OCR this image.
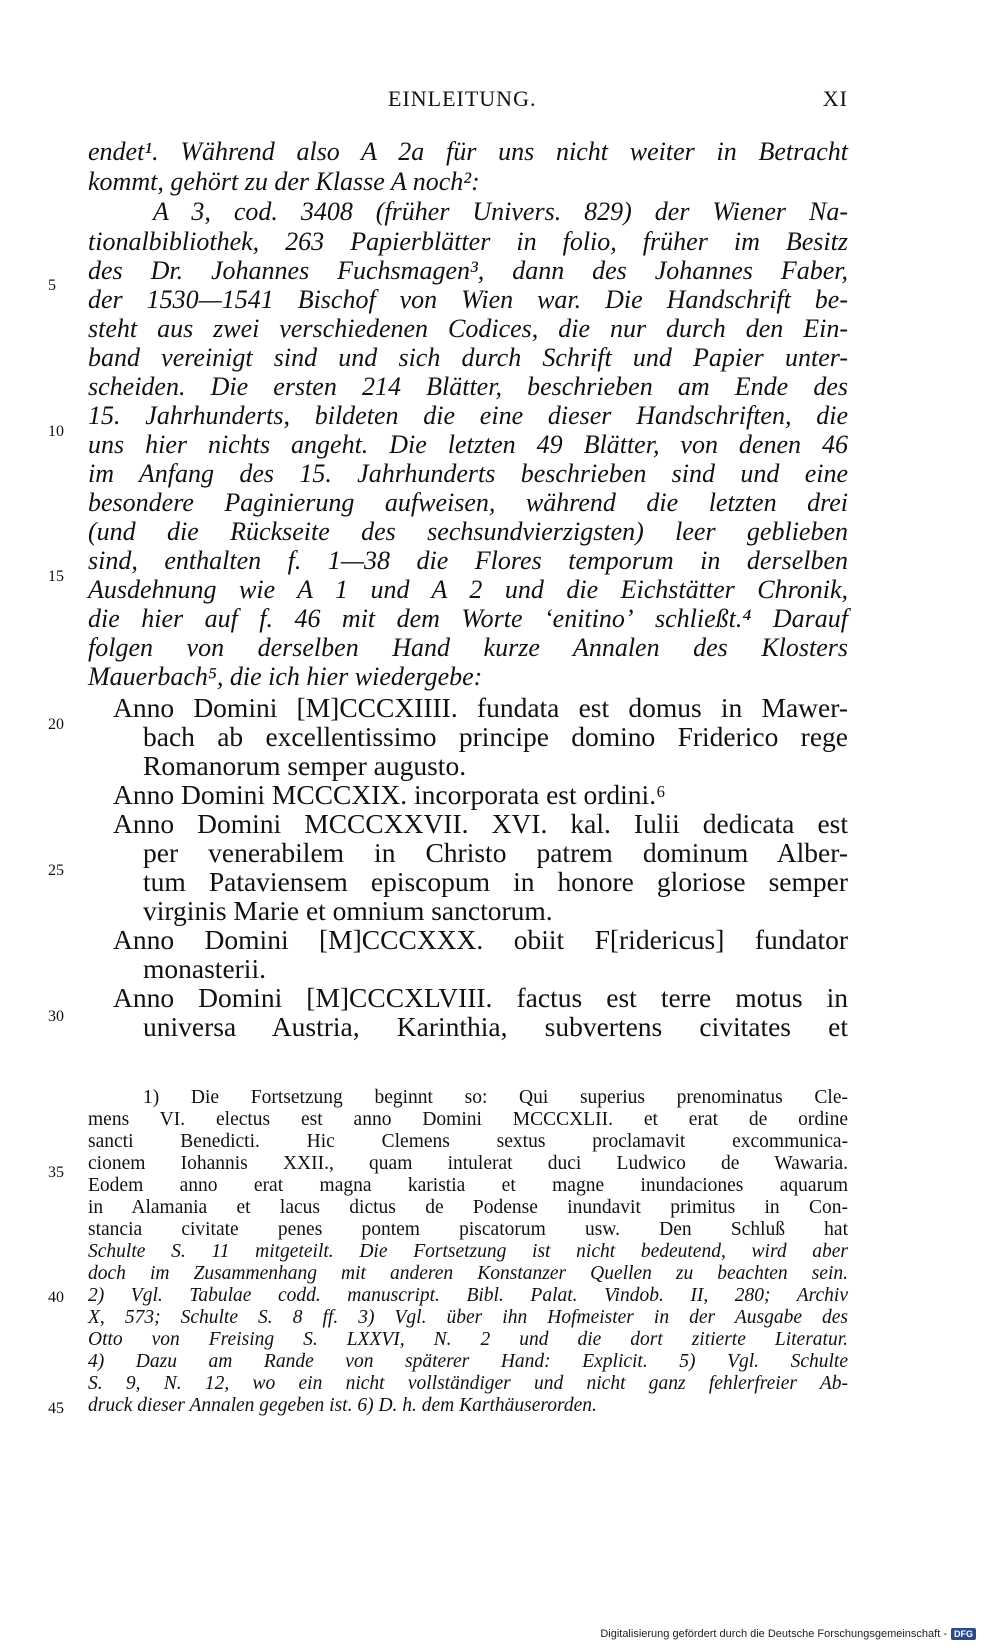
EINLEITUNG.	XI
endet¹. Während also A 2a für uns nicht weiter in Betracht
kommt, gehört zu der Klasse A noch²:
A 3, cod. 3408 (früher Univers. 829) der Wiener Na-
tionalbibliothek, 263 Papierblätter in folio, früher im Besitz
des Dr. Johannes Fuchsmagen³, dann des Johannes Faber,
der 1530—1541 Bischof von Wien war. Die Handschrift be-
steht aus zwei verschiedenen Codices, die nur durch den Ein-
band vereinigt sind und sich durch Schrift und Papier unter-
scheiden. Die ersten 214 Blätter, beschrieben am Ende des
15. Jahrhunderts, bildeten die eine dieser Handschriften, die
uns hier nichts angeht. Die letzten 49 Blätter, von denen 46
im Anfang des 15. Jahrhunderts beschrieben sind und eine
besondere Paginierung aufweisen, während die letzten drei
(und die Rückseite des sechsundvierzigsten) leer geblieben
sind, enthalten f. 1—38 die Flores temporum in derselben
Ausdehnung wie A 1 und A 2 und die Eichstätter Chronik,
die hier auf f. 46 mit dem Worte ʻenitinoʼ schließt.⁴ Darauf
folgen von derselben Hand kurze Annalen des Klosters
Mauerbach⁵, die ich hier wiedergebe:
Anno Domini [M]CCCXIIII. fundata est domus in Mawer-
bach ab excellentissimo principe domino Friderico rege
Romanorum semper augusto.
Anno Domini MCCCXIX. incorporata est ordini.⁶
Anno Domini MCCCXXVII. XVI. kal. Iulii dedicata est
per venerabilem in Christo patrem dominum Alber-
tum Pataviensem episcopum in honore gloriose semper
virginis Marie et omnium sanctorum.
Anno Domini [M]CCCXXX. obiit F[ridericus] fundator
monasterii.
Anno Domini [M]CCCXLVIII. factus est terre motus in
universa Austria, Karinthia, subvertens civitates et
5
10
15
20
25
30
35
40
45
1) Die Fortsetzung beginnt so: Qui superius prenominatus Cle-
mens VI. electus est anno Domini MCCCXLII. et erat de ordine
sancti Benedicti. Hic Clemens sextus proclamavit excommunica-
cionem Iohannis XXII., quam intulerat duci Ludwico de Wawaria.
Eodem anno erat magna karistia et magne inundaciones aquarum
in Alamania et lacus dictus de Podense inundavit primitus in Con-
stancia civitate penes pontem piscatorum usw. Den Schluß hat
Schulte S. 11 mitgeteilt. Die Fortsetzung ist nicht bedeutend, wird aber
doch im Zusammenhang mit anderen Konstanzer Quellen zu beachten sein.
2) Vgl. Tabulae codd. manuscript. Bibl. Palat. Vindob. II, 280; Archiv
X, 573; Schulte S. 8 ff. 3) Vgl. über ihn Hofmeister in der Ausgabe des
Otto von Freising S. LXXVI, N. 2 und die dort zitierte Literatur.
4) Dazu am Rande von späterer Hand: Explicit. 5) Vgl. Schulte
S. 9, N. 12, wo ein nicht vollständiger und nicht ganz fehlerfreier Ab-
druck dieser Annalen gegeben ist. 6) D. h. dem Karthäuserorden.
Digitalisierung gefördert durch die Deutsche Forschungsgemeinschaft - DFG
